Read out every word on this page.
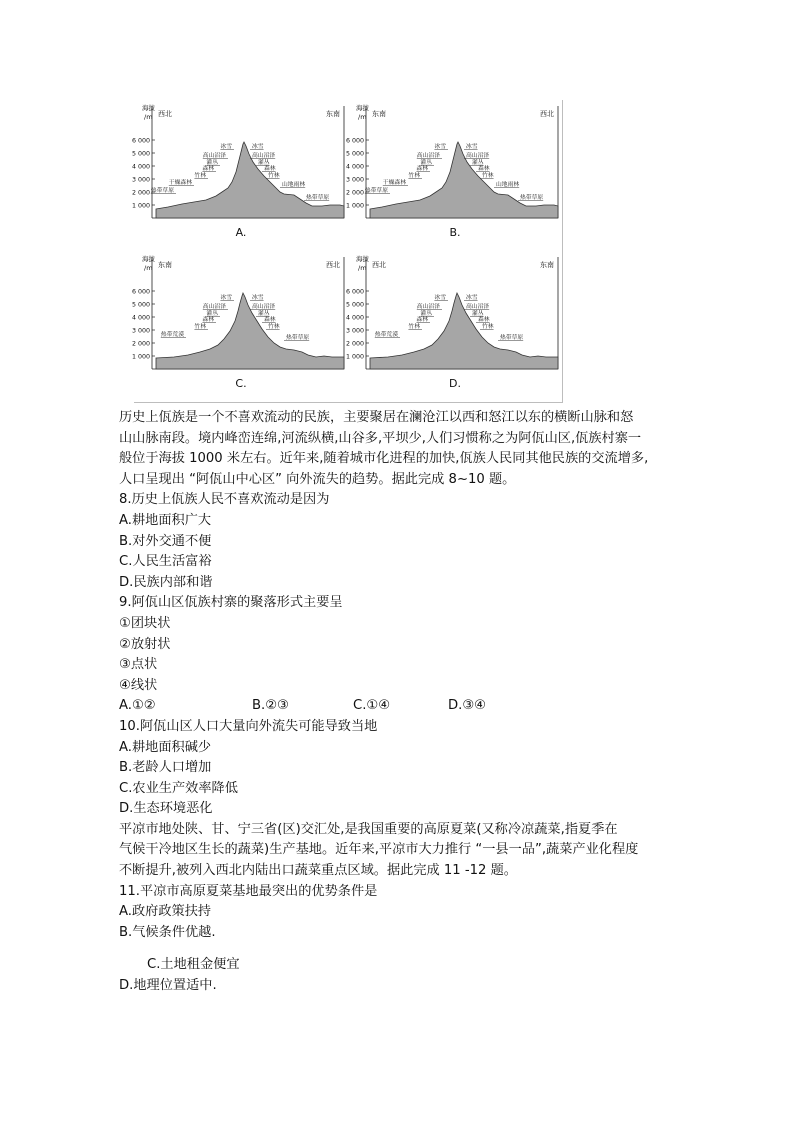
海拔
/m 西北	东南
6 000
5 000
4 000
3 000
2 000
1 000
冰雪
高山沼泽
灌丛
森林
竹林
干燥森林
热带草原
冰雪
高山沼泽
灌丛
森林
竹林
山地雨林
热带草原
A.
海拔
/m 东南	西北
6 000
5 000
4 000
3 000
2 000
1 000
冰雪
高山沼泽
灌丛
森林
竹林
干燥森林
热带草原
冰雪
高山沼泽
灌丛
森林
竹林
山地雨林
热带草原
B.
海拔
/m 东南	西北
6 000
5 000
4 000
3 000
2 000
1 000
冰雪
高山沼泽
灌丛
森林
竹林
热带荒漠
冰雪
高山沼泽
灌丛
森林
竹林
热带草原
C.
海拔
/m 西北	东南
6 000
5 000
4 000
3 000
2 000
1 000
冰雪
高山沼泽
灌丛
森林
竹林
热带荒漠
冰雪
高山沼泽
灌丛
森林
竹林
热带草原
D.
历史上佤族是一个不喜欢流动的民族，主要聚居在澜沧江以西和怒江以东的横断山脉和怒
山山脉南段。境内峰峦连绵,河流纵横,山谷多,平坝少,人们习惯称之为阿佤山区,佤族村寨一
般位于海拔 1000 米左右。近年来,随着城市化进程的加快,佤族人民同其他民族的交流增多,
人口呈现出 “阿佤山中心区” 向外流失的趋势。据此完成 8~10 题。
8.历史上佤族人民不喜欢流动是因为
A.耕地面积广大
B.对外交通不便
C.人民生活富裕
D.民族内部和谐
9.阿佤山区佤族村寨的聚落形式主要呈
①团块状
②放射状
③点状
④线状
A.①②	B.②③	C.①④	D.③④
10.阿佤山区人口大量向外流失可能导致当地
A.耕地面积碱少
B.老龄人口增加
C.农业生产效率降低
D.生态环境恶化
平凉市地处陕、甘、宁三省(区)交汇处,是我国重要的高原夏菜(又称冷凉蔬菜,指夏季在
气候干冷地区生长的蔬菜)生产基地。近年来,平凉市大力推行 “一县一品”,蔬菜产业化程度
不断提升,被列入西北内陆出口蔬菜重点区域。据此完成 11 -12 题。
11.平凉市高原夏菜基地最突出的优势条件是
A.政府政策扶持
B.气候条件优越.
C.土地租金便宜
D.地理位置适中.
